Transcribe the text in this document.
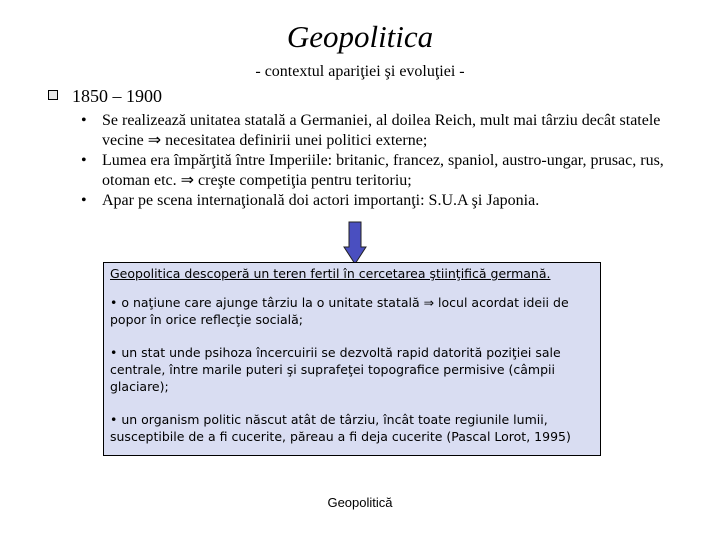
Geopolitica
- contextul apariţiei şi evoluţiei -
1850 – 1900
• Se realizează unitatea statală a Germaniei, al doilea Reich, mult mai târziu decât statele vecine ⇒ necesitatea definirii unei politici externe;
• Lumea era împărţită între Imperiile: britanic, francez, spaniol, austro-ungar, prusac, rus, otoman etc. ⇒ creşte competiţia pentru teritoriu;
• Apar pe scena internaţională doi actori importanţi: S.U.A şi Japonia.

Geopolitica descoperă un teren fertil în cercetarea ştiinţifică germană.

• o naţiune care ajunge târziu la o unitate statală ⇒ locul acordat ideii de popor în orice reflecţie socială;

• un stat unde psihoza încercuirii se dezvoltă rapid datorită poziţiei sale centrale, între marile puteri şi suprafeţei topografice permisive (câmpii glaciare);

• un organism politic născut atât de târziu, încât toate regiunile lumii, susceptibile de a fi cucerite, păreau a fi deja cucerite (Pascal Lorot, 1995)

Geopolitică
